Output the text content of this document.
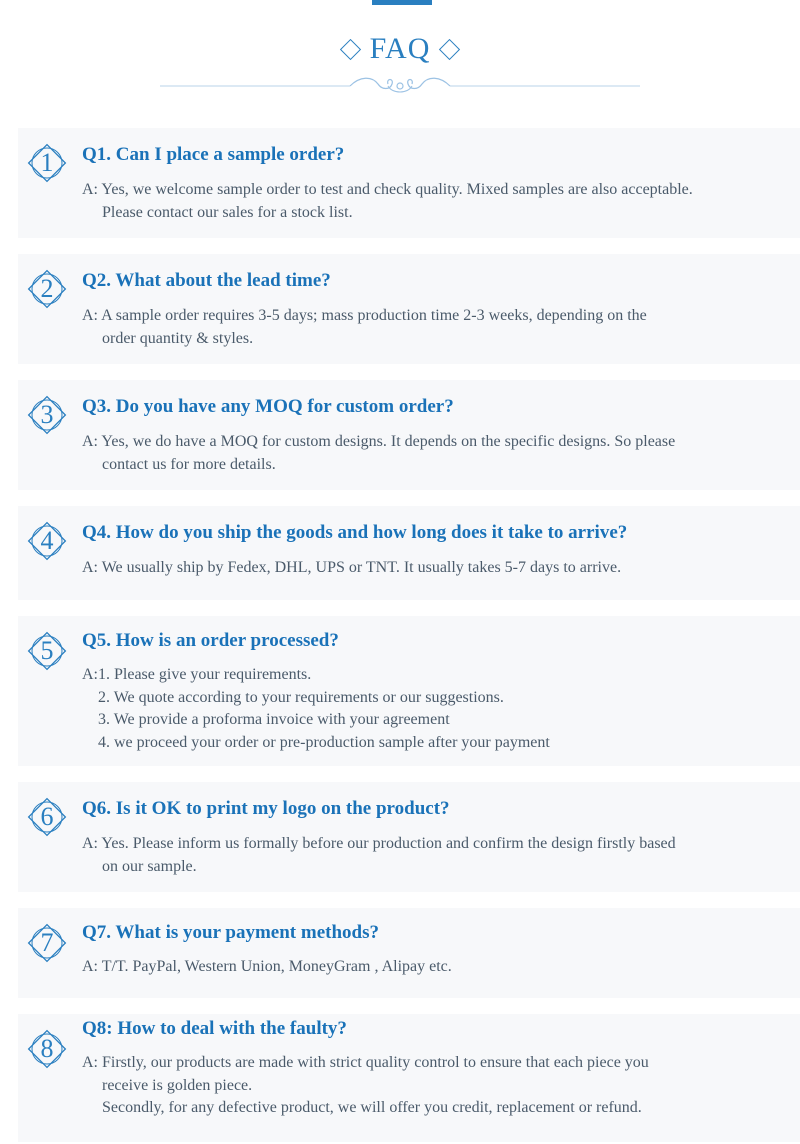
FAQ
1	Q1. Can I place a sample order?
A: Yes, we welcome sample order to test and check quality. Mixed samples are also acceptable.
Please contact our sales for a stock list.
2	Q2. What about the lead time?
A: A sample order requires 3-5 days; mass production time 2-3 weeks, depending on the
order quantity & styles.
3	Q3. Do you have any MOQ for custom order?
A: Yes, we do have a MOQ for custom designs. It depends on the specific designs. So please
contact us for more details.
4	Q4. How do you ship the goods and how long does it take to arrive?
A: We usually ship by Fedex, DHL, UPS or TNT. It usually takes 5-7 days to arrive.
5	Q5. How is an order processed?
A:1. Please give your requirements.
2. We quote according to your requirements or our suggestions.
3. We provide a proforma invoice with your agreement
4. we proceed your order or pre-production sample after your payment
6	Q6. Is it OK to print my logo on the product?
A: Yes. Please inform us formally before our production and confirm the design firstly based
on our sample.
7	Q7. What is your payment methods?
A: T/T. PayPal, Western Union, MoneyGram , Alipay etc.
8
Q8: How to deal with the faulty?
A: Firstly, our products are made with strict quality control to ensure that each piece you
receive is golden piece.
Secondly, for any defective product, we will offer you credit, replacement or refund.
